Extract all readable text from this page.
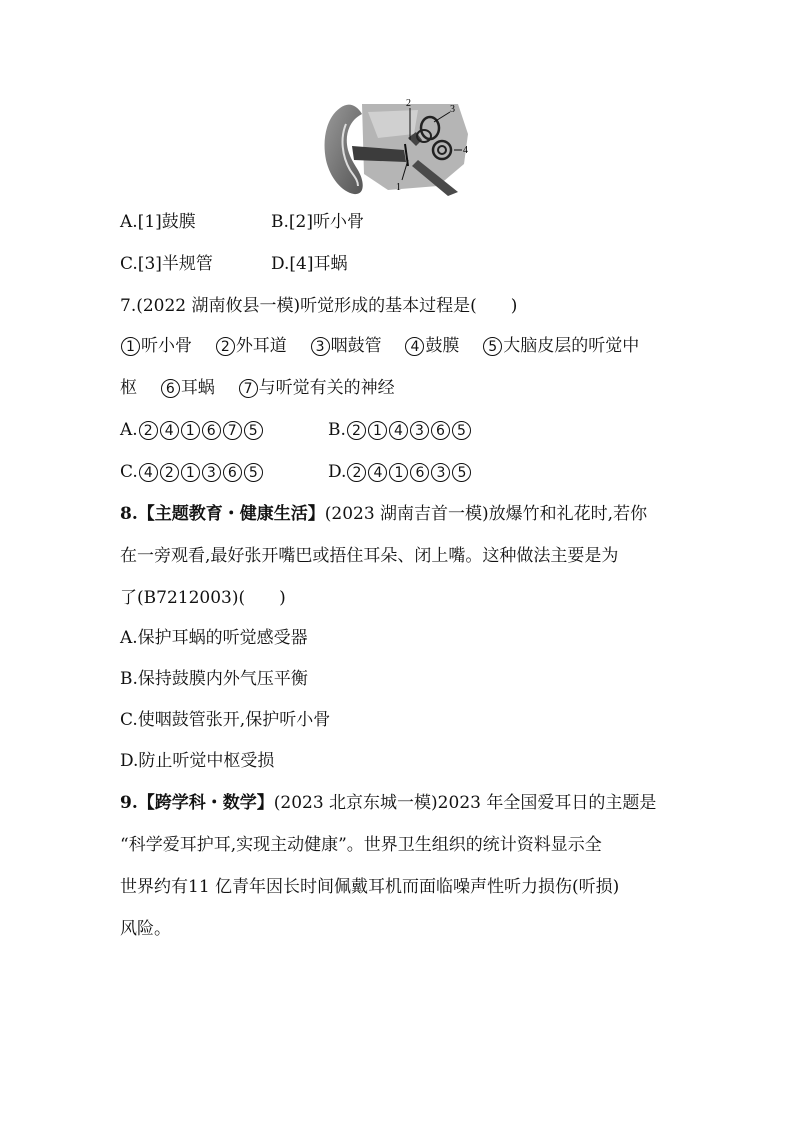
2
3
4
1
A.[1]鼓膜	B.[2]听小骨
C.[3]半规管	D.[4]耳蜗
7.(2022 湖南攸县一模)听觉形成的基本过程是(　　)
1 听小骨 2 外耳道 3 咽鼓管 4 鼓膜 5 大脑皮层的听觉中
枢 6 耳蜗 7 与听觉有关的神经
A. 2 4 1 6 7 5	B. 2 1 4 3 6 5
C. 4 2 1 3 6 5	D. 2 4 1 6 3 5
8.【主题教育・健康生活】(2023 湖南吉首一模)放爆竹和礼花时,若你
在一旁观看,最好张开嘴巴或捂住耳朵、闭上嘴。这种做法主要是为
了(B7212003)(　　)
A.保护耳蜗的听觉感受器
B.保持鼓膜内外气压平衡
C.使咽鼓管张开,保护听小骨
D.防止听觉中枢受损
9.【跨学科・数学】(2023 北京东城一模)2023 年全国爱耳日的主题是
“科学爱耳护耳,实现主动健康”。世界卫生组织的统计资料显示全
世界约有11 亿青年因长时间佩戴耳机而面临噪声性听力损伤(听损)
风险。
